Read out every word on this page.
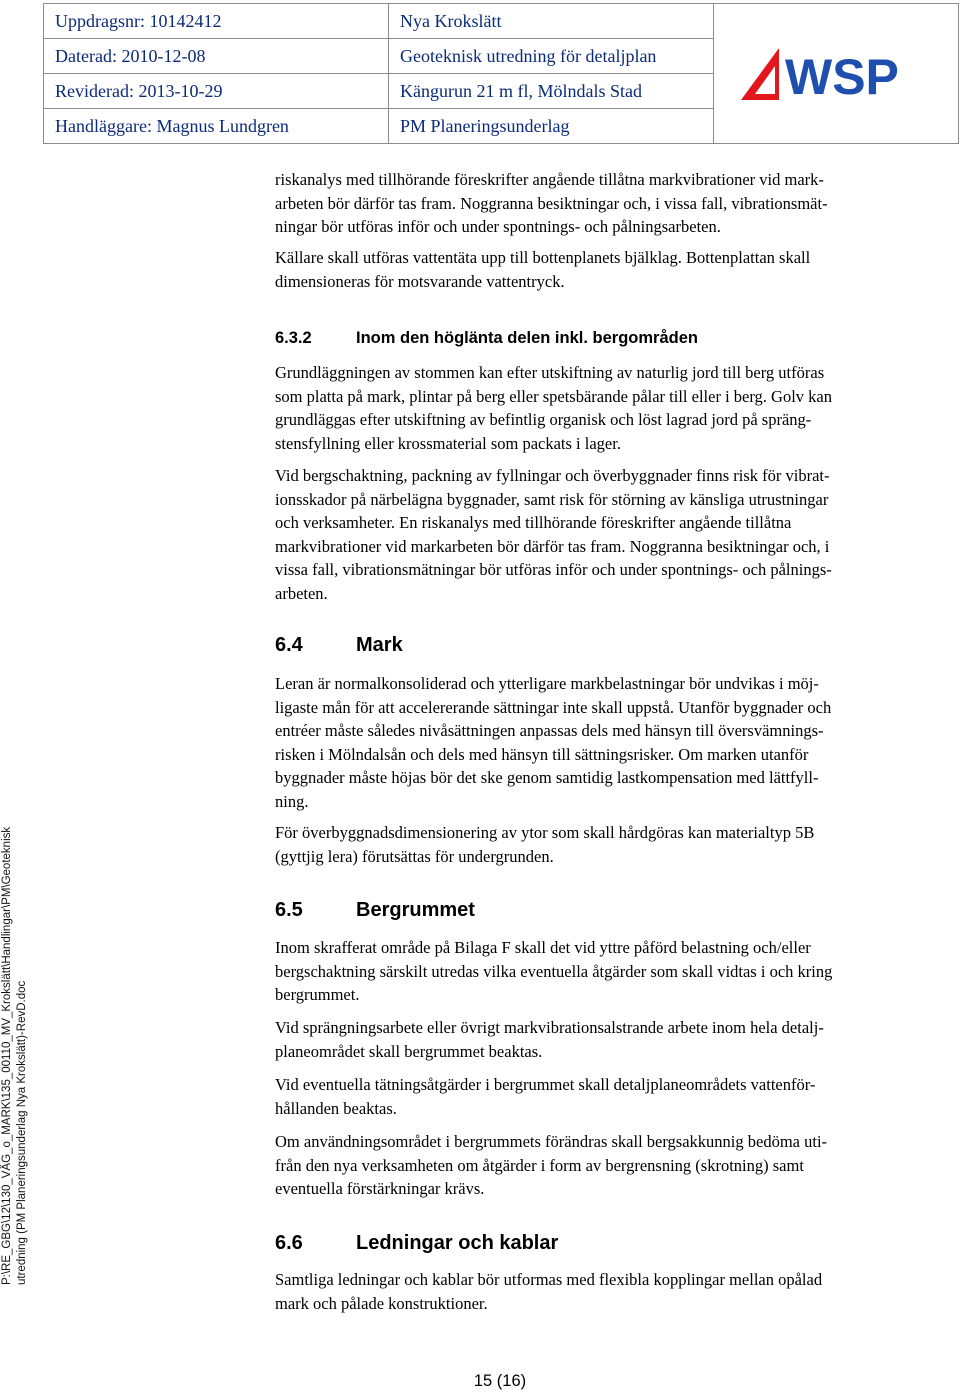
Uppdragsnr: 10142412	Nya Krokslätt	WSP

Daterad: 2010-12-08	Geoteknisk utredning för detaljplan	
Reviderad: 2013-10-29	Kängurun 21 m fl, Mölndals Stad	
Handläggare: Magnus Lundgren	PM Planeringsunderlag	
P:\RE_GBG\12\130_VÄG_o_MARK\135_00110_MV_Krokslätt\Handlingar\PM\Geoteknisk utredning (PM Planeringsunderlag Nya Krokslätt)-RevD.doc
riskanalys med tillhörande föreskrifter angående tillåtna markvibrationer vid mark-
arbeten bör därför tas fram. Noggranna besiktningar och, i vissa fall, vibrationsmät-
ningar bör utföras inför och under spontnings- och pålningsarbeten.
Källare skall utföras vattentäta upp till bottenplanets bjälklag. Bottenplattan skall
dimensioneras för motsvarande vattentryck.
6.3.2	Inom den höglänta delen inkl. bergområden
Grundläggningen av stommen kan efter utskiftning av naturlig jord till berg utföras
som platta på mark, plintar på berg eller spetsbärande pålar till eller i berg. Golv kan
grundläggas efter utskiftning av befintlig organisk och löst lagrad jord på spräng-
stensfyllning eller krossmaterial som packats i lager.
Vid bergschaktning, packning av fyllningar och överbyggnader finns risk för vibrat-
ionsskador på närbelägna byggnader, samt risk för störning av känsliga utrustningar
och verksamheter. En riskanalys med tillhörande föreskrifter angående tillåtna
markvibrationer vid markarbeten bör därför tas fram. Noggranna besiktningar och, i
vissa fall, vibrationsmätningar bör utföras inför och under spontnings- och pålnings-
arbeten.
6.4	Mark
Leran är normalkonsoliderad och ytterligare markbelastningar bör undvikas i möj-
ligaste mån för att accelererande sättningar inte skall uppstå. Utanför byggnader och
entréer måste således nivåsättningen anpassas dels med hänsyn till översvämnings-
risken i Mölndalsån och dels med hänsyn till sättningsrisker. Om marken utanför
byggnader måste höjas bör det ske genom samtidig lastkompensation med lättfyll-
ning.
För överbyggnadsdimensionering av ytor som skall hårdgöras kan materialtyp 5B
(gyttjig lera) förutsättas för undergrunden.
6.5	Bergrummet
Inom skrafferat område på Bilaga F skall det vid yttre påförd belastning och/eller
bergschaktning särskilt utredas vilka eventuella åtgärder som skall vidtas i och kring
bergrummet.
Vid sprängningsarbete eller övrigt markvibrationsalstrande arbete inom hela detalj-
planeområdet skall bergrummet beaktas.
Vid eventuella tätningsåtgärder i bergrummet skall detaljplaneområdets vattenför-
hållanden beaktas.
Om användningsområdet i bergrummets förändras skall bergsakkunnig bedöma uti-
från den nya verksamheten om åtgärder i form av bergrensning (skrotning) samt
eventuella förstärkningar krävs.
6.6	Ledningar och kablar
Samtliga ledningar och kablar bör utformas med flexibla kopplingar mellan opålad
mark och pålade konstruktioner.
15 (16)
